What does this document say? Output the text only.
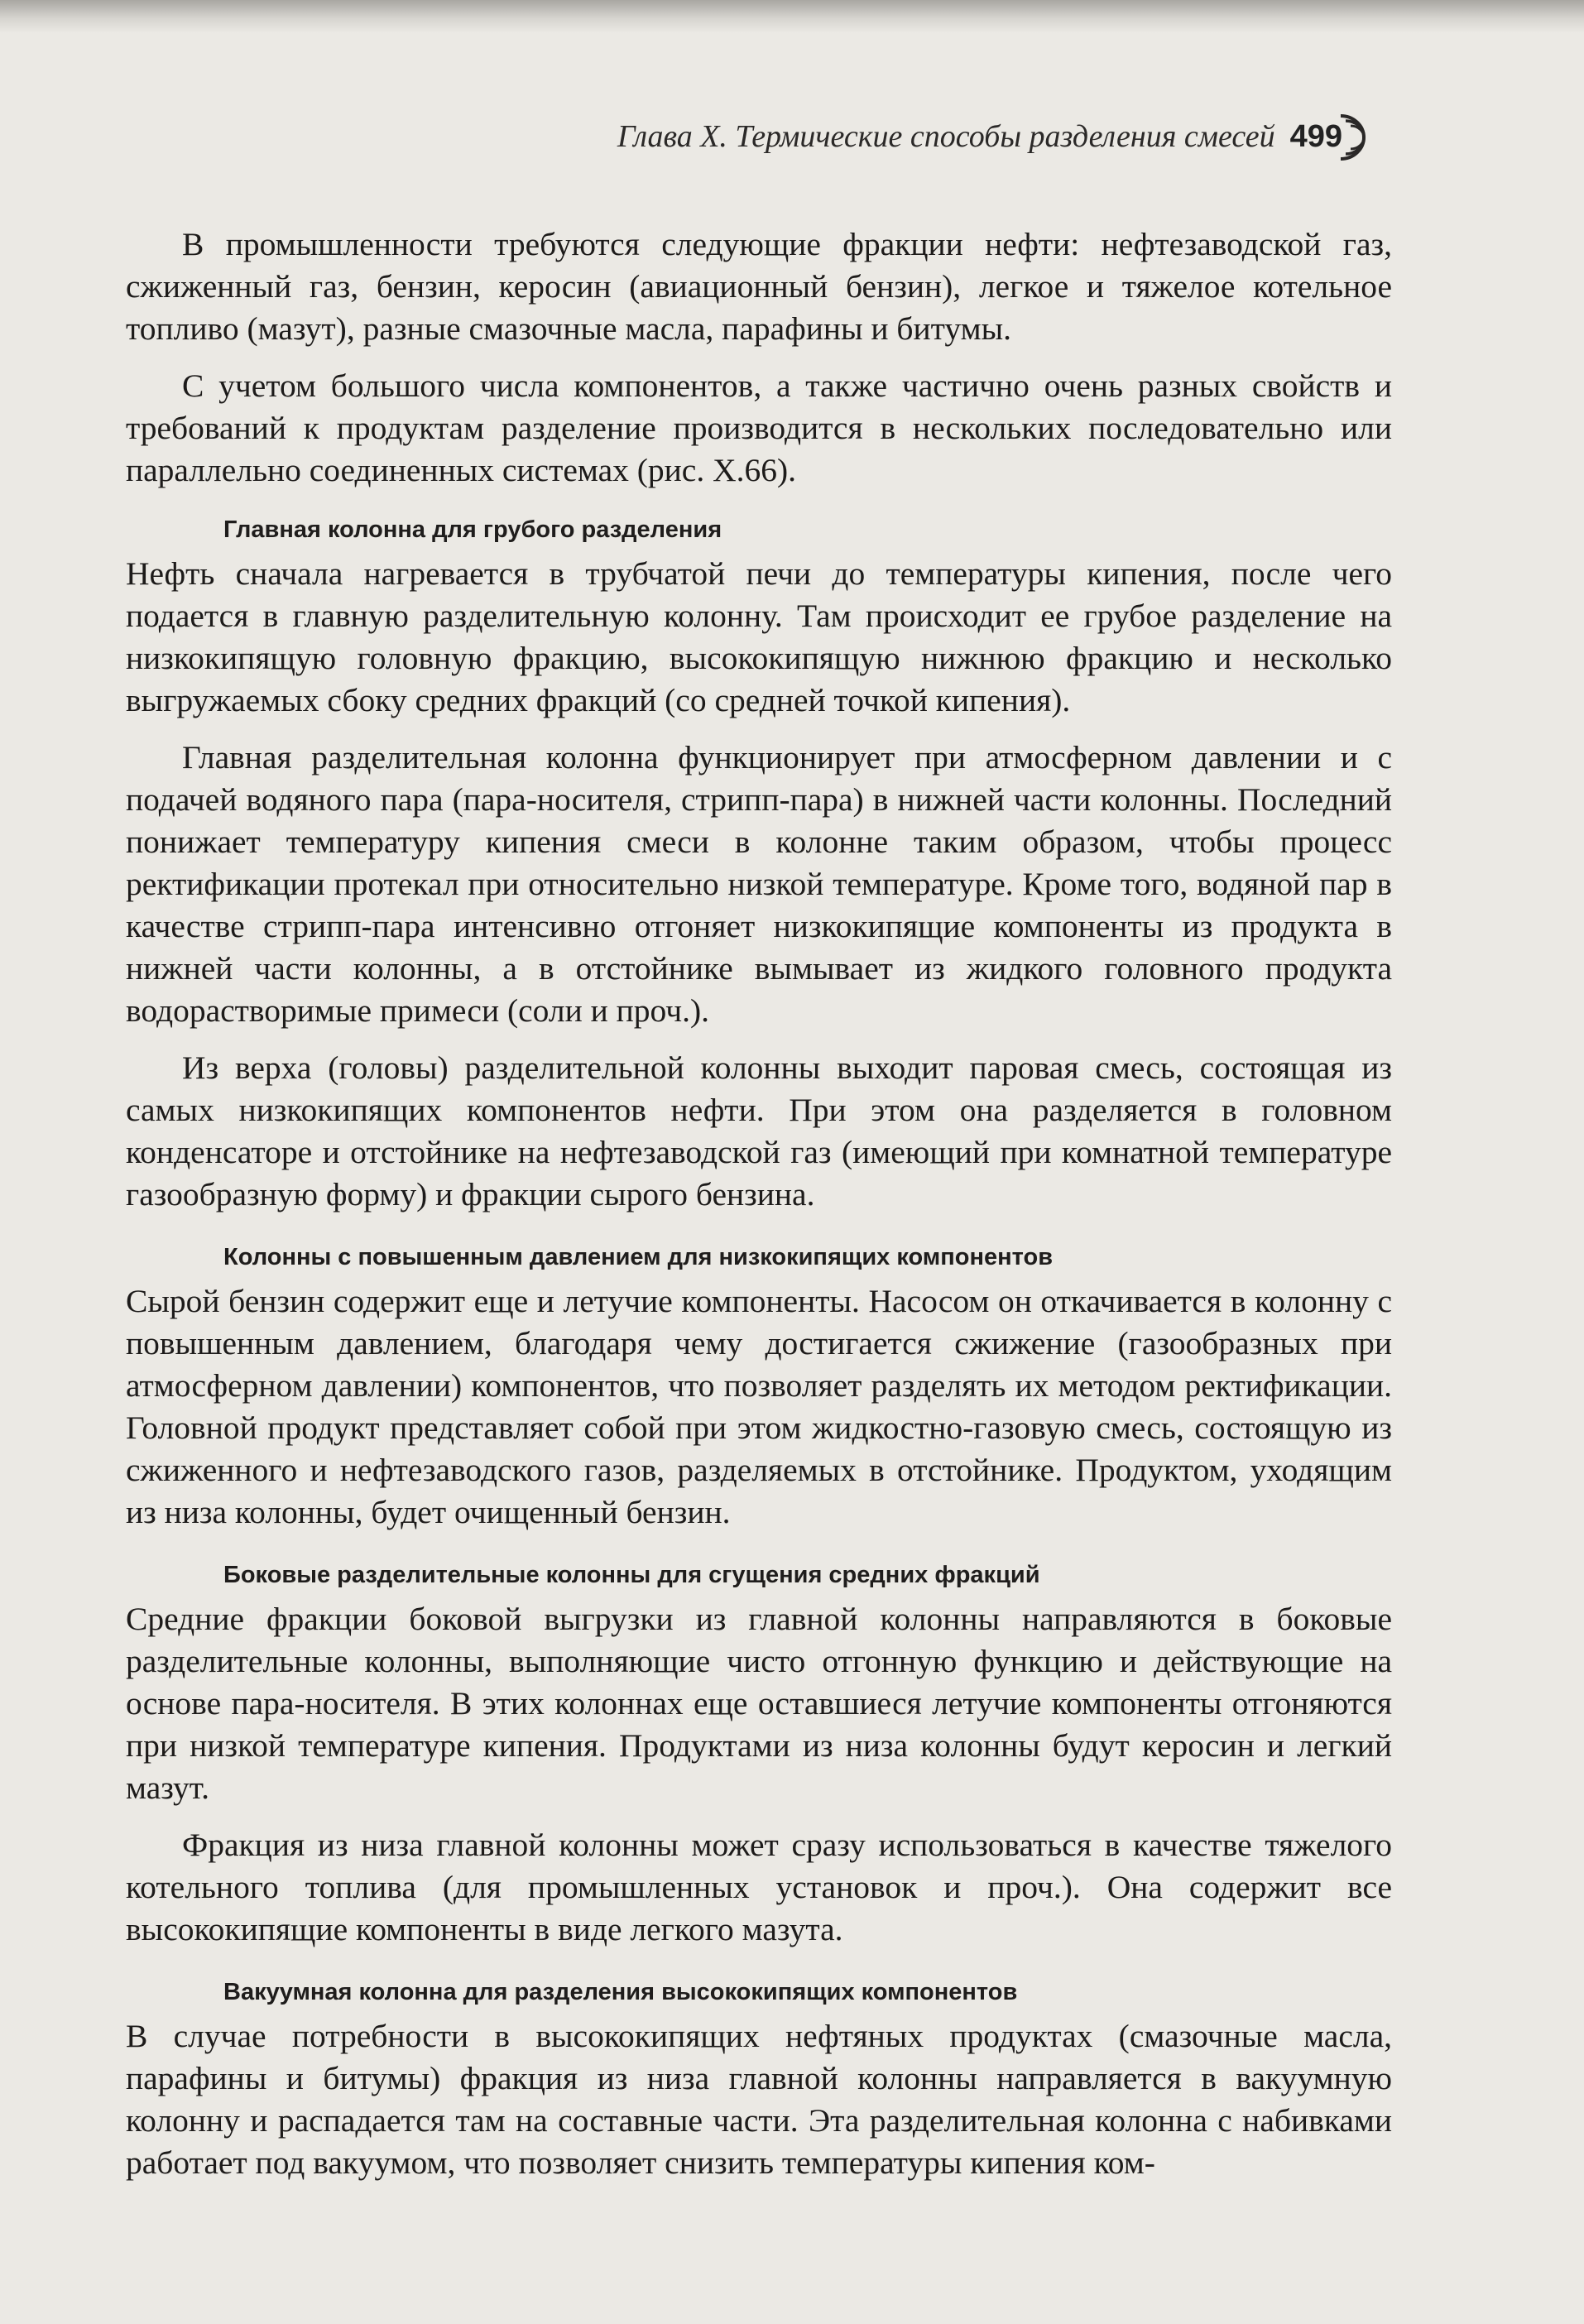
Глава X. Термические способы разделения смесей 499

В промышленности требуются следующие фракции нефти: нефтезаводской газ, сжиженный газ, бензин, керосин (авиационный бензин), легкое и тяжелое котельное топливо (мазут), разные смазочные масла, парафины и битумы.

С учетом большого числа компонентов, а также частично очень разных свойств и требований к продуктам разделение производится в нескольких последовательно или параллельно соединенных системах (рис. X.66).

Главная колонна для грубого разделения

Нефть сначала нагревается в трубчатой печи до температуры кипения, после чего подается в главную разделительную колонну. Там происходит ее грубое разделение на низкокипящую головную фракцию, высококипящую нижнюю фракцию и несколько выгружаемых сбоку средних фракций (со средней точкой кипения).

Главная разделительная колонна функционирует при атмосферном давлении и с подачей водяного пара (пара-носителя, стрипп-пара) в нижней части колонны. Последний понижает температуру кипения смеси в колонне таким образом, чтобы процесс ректификации протекал при относительно низкой температуре. Кроме того, водяной пар в качестве стрипп-пара интенсивно отгоняет низкокипящие компоненты из продукта в нижней части колонны, а в отстойнике вымывает из жидкого головного продукта водорастворимые примеси (соли и проч.).

Из верха (головы) разделительной колонны выходит паровая смесь, состоящая из самых низкокипящих компонентов нефти. При этом она разделяется в головном конденсаторе и отстойнике на нефтезаводской газ (имеющий при комнатной температуре газообразную форму) и фракции сырого бензина.

Колонны с повышенным давлением для низкокипящих компонентов

Сырой бензин содержит еще и летучие компоненты. Насосом он откачивается в колонну с повышенным давлением, благодаря чему достигается сжижение (газообразных при атмосферном давлении) компонентов, что позволяет разделять их методом ректификации. Головной продукт представляет собой при этом жидкостно-газовую смесь, состоящую из сжиженного и нефтезаводского газов, разделяемых в отстойнике. Продуктом, уходящим из низа колонны, будет очищенный бензин.

Боковые разделительные колонны для сгущения средних фракций

Средние фракции боковой выгрузки из главной колонны направляются в боковые разделительные колонны, выполняющие чисто отгонную функцию и действующие на основе пара-носителя. В этих колоннах еще оставшиеся летучие компоненты отгоняются при низкой температуре кипения. Продуктами из низа колонны будут керосин и легкий мазут.

Фракция из низа главной колонны может сразу использоваться в качестве тяжелого котельного топлива (для промышленных установок и проч.). Она содержит все высококипящие компоненты в виде легкого мазута.

Вакуумная колонна для разделения высококипящих компонентов

В случае потребности в высококипящих нефтяных продуктах (смазочные масла, парафины и битумы) фракция из низа главной колонны направляется в вакуумную колонну и распадается там на составные части. Эта разделительная колонна с набивками работает под вакуумом, что позволяет снизить температуры кипения ком-
